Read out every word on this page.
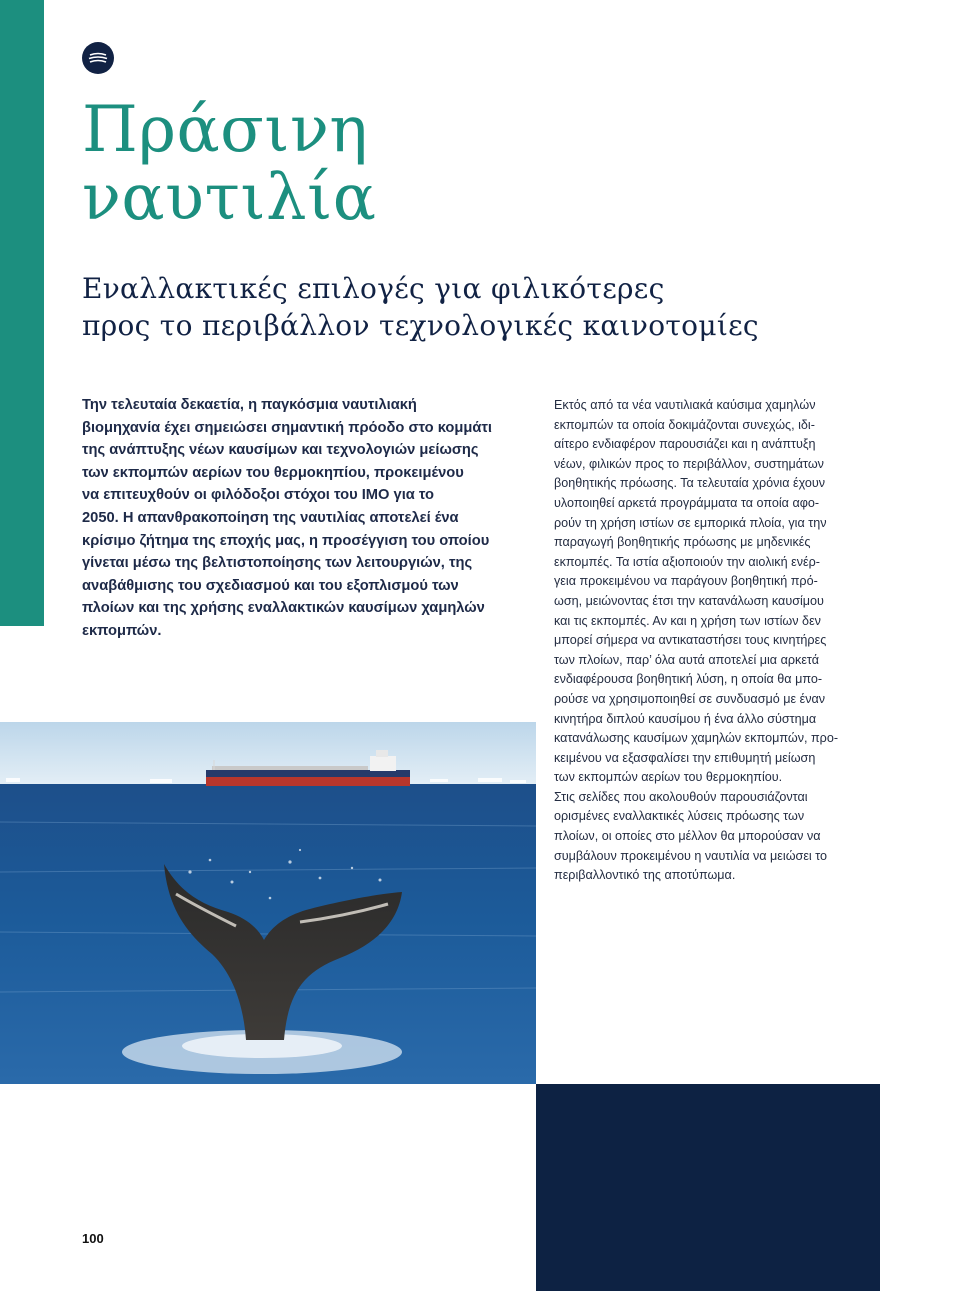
Πράσινη
ναυτιλία
Εναλλακτικές επιλογές για φιλικότερες
προς το περιβάλλον τεχνολογικές καινοτομίες

Την τελευταία δεκαετία, η παγκόσμια ναυτιλιακή
βιομηχανία έχει σημειώσει σημαντική πρόοδο στο κομμάτι
της ανάπτυξης νέων καυσίμων και τεχνολογιών μείωσης
των εκπομπών αερίων του θερμοκηπίου, προκειμένου
να επιτευχθούν οι φιλόδοξοι στόχοι του IMO για το
2050. Η απανθρακοποίηση της ναυτιλίας αποτελεί ένα
κρίσιμο ζήτημα της εποχής μας, η προσέγγιση του οποίου
γίνεται μέσω της βελτιστοποίησης των λειτουργιών, της
αναβάθμισης του σχεδιασμού και του εξοπλισμού των
πλοίων και της χρήσης εναλλακτικών καυσίμων χαμηλών
εκπομπών.

Εκτός από τα νέα ναυτιλιακά καύσιμα χαμηλών
εκπομπών τα οποία δοκιμάζονται συνεχώς, ιδι-
αίτερο ενδιαφέρον παρουσιάζει και η ανάπτυξη
νέων, φιλικών προς το περιβάλλον, συστημάτων
βοηθητικής πρόωσης. Τα τελευταία χρόνια έχουν
υλοποιηθεί αρκετά προγράμματα τα οποία αφο-
ρούν τη χρήση ιστίων σε εμπορικά πλοία, για την
παραγωγή βοηθητικής πρόωσης με μηδενικές
εκπομπές. Τα ιστία αξιοποιούν την αιολική ενέρ-
γεια προκειμένου να παράγουν βοηθητική πρό-
ωση, μειώνοντας έτσι την κατανάλωση καυσίμου
και τις εκπομπές. Αν και η χρήση των ιστίων δεν
μπορεί σήμερα να αντικαταστήσει τους κινητήρες
των πλοίων, παρ’ όλα αυτά αποτελεί μια αρκετά
ενδιαφέρουσα βοηθητική λύση, η οποία θα μπο-
ρούσε να χρησιμοποιηθεί σε συνδυασμό με έναν
κινητήρα διπλού καυσίμου ή ένα άλλο σύστημα
κατανάλωσης καυσίμων χαμηλών εκπομπών, προ-
κειμένου να εξασφαλίσει την επιθυμητή μείωση
των εκπομπών αερίων του θερμοκηπίου.

Στις σελίδες που ακολουθούν παρουσιάζονται
ορισμένες εναλλακτικές λύσεις πρόωσης των
πλοίων, οι οποίες στο μέλλον θα μπορούσαν να
συμβάλουν προκειμένου η ναυτιλία να μειώσει το
περιβαλλοντικό της αποτύπωμα.

100
